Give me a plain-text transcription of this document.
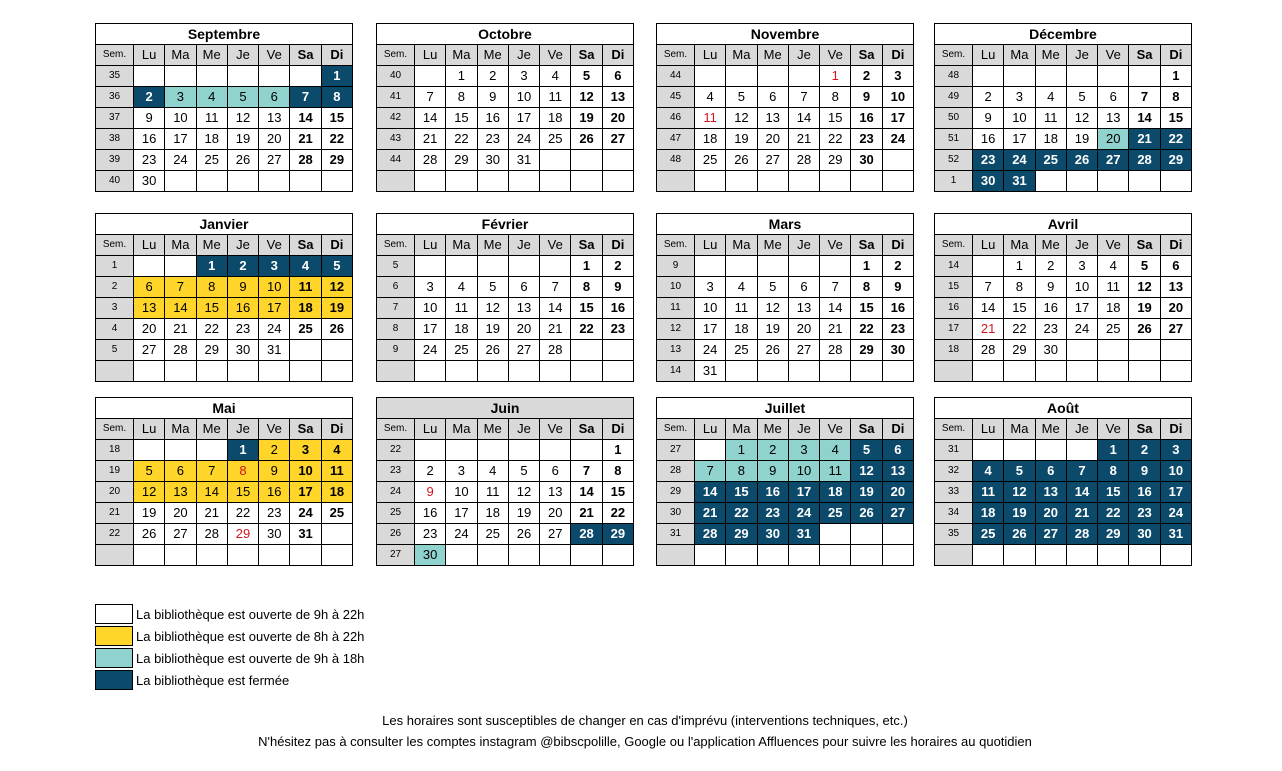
Septembre							
Sem.	Lu	Ma	Me	Je	Ve	Sa	Di
35							1
36	2	3	4	5	6	7	8
37	9	10	11	12	13	14	15
38	16	17	18	19	20	21	22
39	23	24	25	26	27	28	29
40	30						
Octobre							
Sem.	Lu	Ma	Me	Je	Ve	Sa	Di
40		1	2	3	4	5	6
41	7	8	9	10	11	12	13
42	14	15	16	17	18	19	20
43	21	22	23	24	25	26	27
44	28	29	30	31			

Novembre							
Sem.	Lu	Ma	Me	Je	Ve	Sa	Di
44					1	2	3
45	4	5	6	7	8	9	10
46	11	12	13	14	15	16	17
47	18	19	20	21	22	23	24
48	25	26	27	28	29	30	

Décembre							
Sem.	Lu	Ma	Me	Je	Ve	Sa	Di
48							1
49	2	3	4	5	6	7	8
50	9	10	11	12	13	14	15
51	16	17	18	19	20	21	22
52	23	24	25	26	27	28	29
1	30	31					
Janvier							
Sem.	Lu	Ma	Me	Je	Ve	Sa	Di
1			1	2	3	4	5
2	6	7	8	9	10	11	12
3	13	14	15	16	17	18	19
4	20	21	22	23	24	25	26
5	27	28	29	30	31		

Février							
Sem.	Lu	Ma	Me	Je	Ve	Sa	Di
5						1	2
6	3	4	5	6	7	8	9
7	10	11	12	13	14	15	16
8	17	18	19	20	21	22	23
9	24	25	26	27	28		

Mars							
Sem.	Lu	Ma	Me	Je	Ve	Sa	Di
9						1	2
10	3	4	5	6	7	8	9
11	10	11	12	13	14	15	16
12	17	18	19	20	21	22	23
13	24	25	26	27	28	29	30
14	31						
Avril							
Sem.	Lu	Ma	Me	Je	Ve	Sa	Di
14		1	2	3	4	5	6
15	7	8	9	10	11	12	13
16	14	15	16	17	18	19	20
17	21	22	23	24	25	26	27
18	28	29	30				

Mai							
Sem.	Lu	Ma	Me	Je	Ve	Sa	Di
18				1	2	3	4
19	5	6	7	8	9	10	11
20	12	13	14	15	16	17	18
21	19	20	21	22	23	24	25
22	26	27	28	29	30	31	

Juin							
Sem.	Lu	Ma	Me	Je	Ve	Sa	Di
22							1
23	2	3	4	5	6	7	8
24	9	10	11	12	13	14	15
25	16	17	18	19	20	21	22
26	23	24	25	26	27	28	29
27	30						
Juillet							
Sem.	Lu	Ma	Me	Je	Ve	Sa	Di
27		1	2	3	4	5	6
28	7	8	9	10	11	12	13
29	14	15	16	17	18	19	20
30	21	22	23	24	25	26	27
31	28	29	30	31			

Août							
Sem.	Lu	Ma	Me	Je	Ve	Sa	Di
31					1	2	3
32	4	5	6	7	8	9	10
33	11	12	13	14	15	16	17
34	18	19	20	21	22	23	24
35	25	26	27	28	29	30	31

La bibliothèque est ouverte de 9h à 22h
La bibliothèque est ouverte de 8h à 22h
La bibliothèque est ouverte de 9h à 18h
La bibliothèque est fermée
Les horaires sont susceptibles de changer en cas d'imprévu (interventions techniques, etc.)
N'hésitez pas à consulter les comptes instagram @bibscpolille, Google ou l'application Affluences pour suivre les horaires au quotidien
